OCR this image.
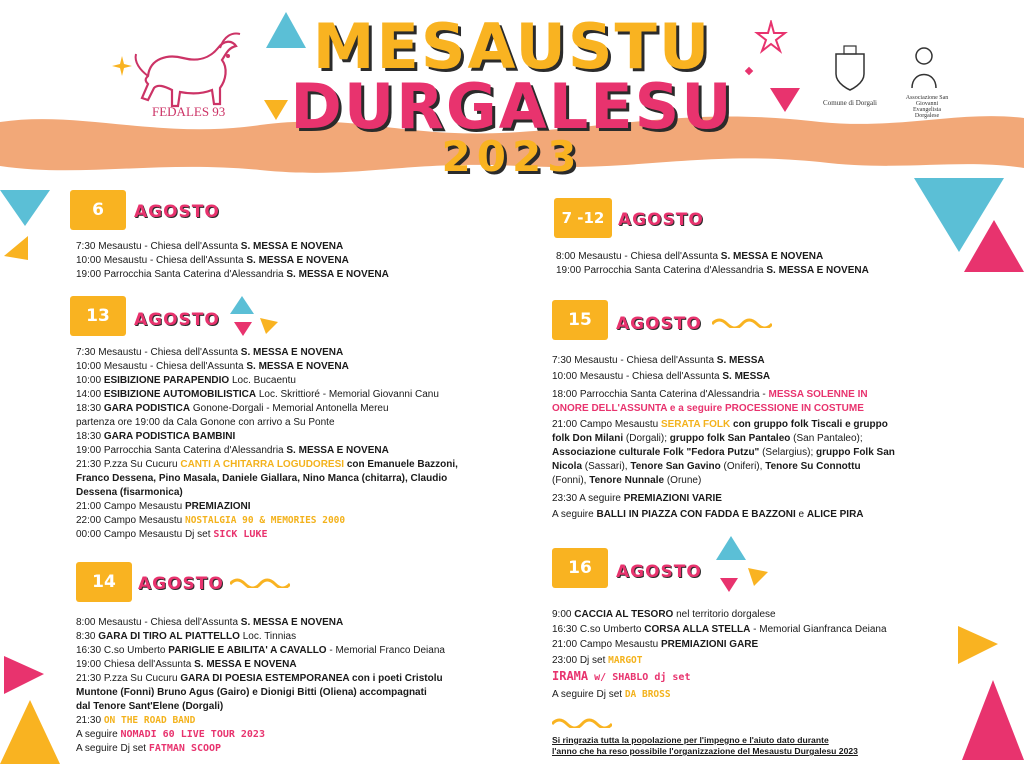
FEDALES 93
MESAUSTU
DURGALESU
2023
Comune di Dorgali
Associazione San Giovanni Evangelista Dorgalese
6	AGOSTO
7:30 Mesaustu - Chiesa dell'Assunta S. MESSA E NOVENA
10:00 Mesaustu - Chiesa dell'Assunta S. MESSA E NOVENA
19:00 Parrocchia Santa Caterina d'Alessandria S. MESSA E NOVENA
13	AGOSTO
7:30 Mesaustu - Chiesa dell'Assunta S. MESSA E NOVENA
10:00 Mesaustu - Chiesa dell'Assunta S. MESSA E NOVENA
10:00 ESIBIZIONE PARAPENDIO Loc. Bucaentu
14:00 ESIBIZIONE AUTOMOBILISTICA Loc. Skrittioré - Memorial Giovanni Canu
18:30 GARA PODISTICA Gonone-Dorgali - Memorial Antonella Mereu
partenza ore 19:00 da Cala Gonone con arrivo a Su Ponte
18:30 GARA PODISTICA BAMBINI
19:00 Parrocchia Santa Caterina d'Alessandria S. MESSA E NOVENA
21:30 P.zza Su Cucuru CANTI A CHITARRA LOGUDORESI con Emanuele Bazzoni,
Franco Dessena, Pino Masala, Daniele Giallara, Nino Manca (chitarra), Claudio
Dessena (fisarmonica)
21:00 Campo Mesaustu PREMIAZIONI
22:00 Campo Mesaustu NOSTALGIA 90 & MEMORIES 2000
00:00 Campo Mesaustu Dj set SICK LUKE
14	AGOSTO
8:00 Mesaustu - Chiesa dell'Assunta S. MESSA E NOVENA
8:30 GARA DI TIRO AL PIATTELLO Loc. Tinnias
16:30 C.so Umberto PARIGLIE E ABILITA' A CAVALLO - Memorial Franco Deiana
19:00 Chiesa dell'Assunta S. MESSA E NOVENA
21:30 P.zza Su Cucuru GARA DI POESIA ESTEMPORANEA con i poeti Cristolu
Muntone (Fonni) Bruno Agus (Gairo) e Dionigi Bitti (Oliena) accompagnati
dal Tenore Sant'Elene (Dorgali)
21:30 ON THE ROAD BAND
A seguire NOMADI 60 LIVE TOUR 2023
A seguire Dj set FATMAN SCOOP
7 -12 AGOSTO
8:00 Mesaustu - Chiesa dell'Assunta S. MESSA E NOVENA
19:00 Parrocchia Santa Caterina d'Alessandria S. MESSA E NOVENA
15	AGOSTO
7:30 Mesaustu - Chiesa dell'Assunta S. MESSA
10:00 Mesaustu - Chiesa dell'Assunta S. MESSA
18:00 Parrocchia Santa Caterina d'Alessandria - MESSA SOLENNE IN
ONORE DELL'ASSUNTA e a seguire PROCESSIONE IN COSTUME
21:00 Campo Mesaustu SERATA FOLK con gruppo folk Tiscali e gruppo
folk Don Milani (Dorgali); gruppo folk San Pantaleo (San Pantaleo);
Associazione culturale Folk "Fedora Putzu" (Selargius); gruppo Folk San
Nicola (Sassari), Tenore San Gavino (Oniferi), Tenore Su Connottu
(Fonni), Tenore Nunnale (Orune)
23:30 A seguire PREMIAZIONI VARIE
A seguire BALLI IN PIAZZA CON FADDA E BAZZONI e ALICE PIRA
16	AGOSTO
9:00 CACCIA AL TESORO nel territorio dorgalese
16:30 C.so Umberto CORSA ALLA STELLA - Memorial Gianfranca Deiana
21:00 Campo Mesaustu PREMIAZIONI GARE
23:00 Dj set MARGOT
IRAMA w/ SHABLO dj set
A seguire Dj set DA BROSS
Si ringrazia tutta la popolazione per l'impegno e l'aiuto dato durante
l'anno che ha reso possibile l'organizzazione del Mesaustu Durgalesu 2023
